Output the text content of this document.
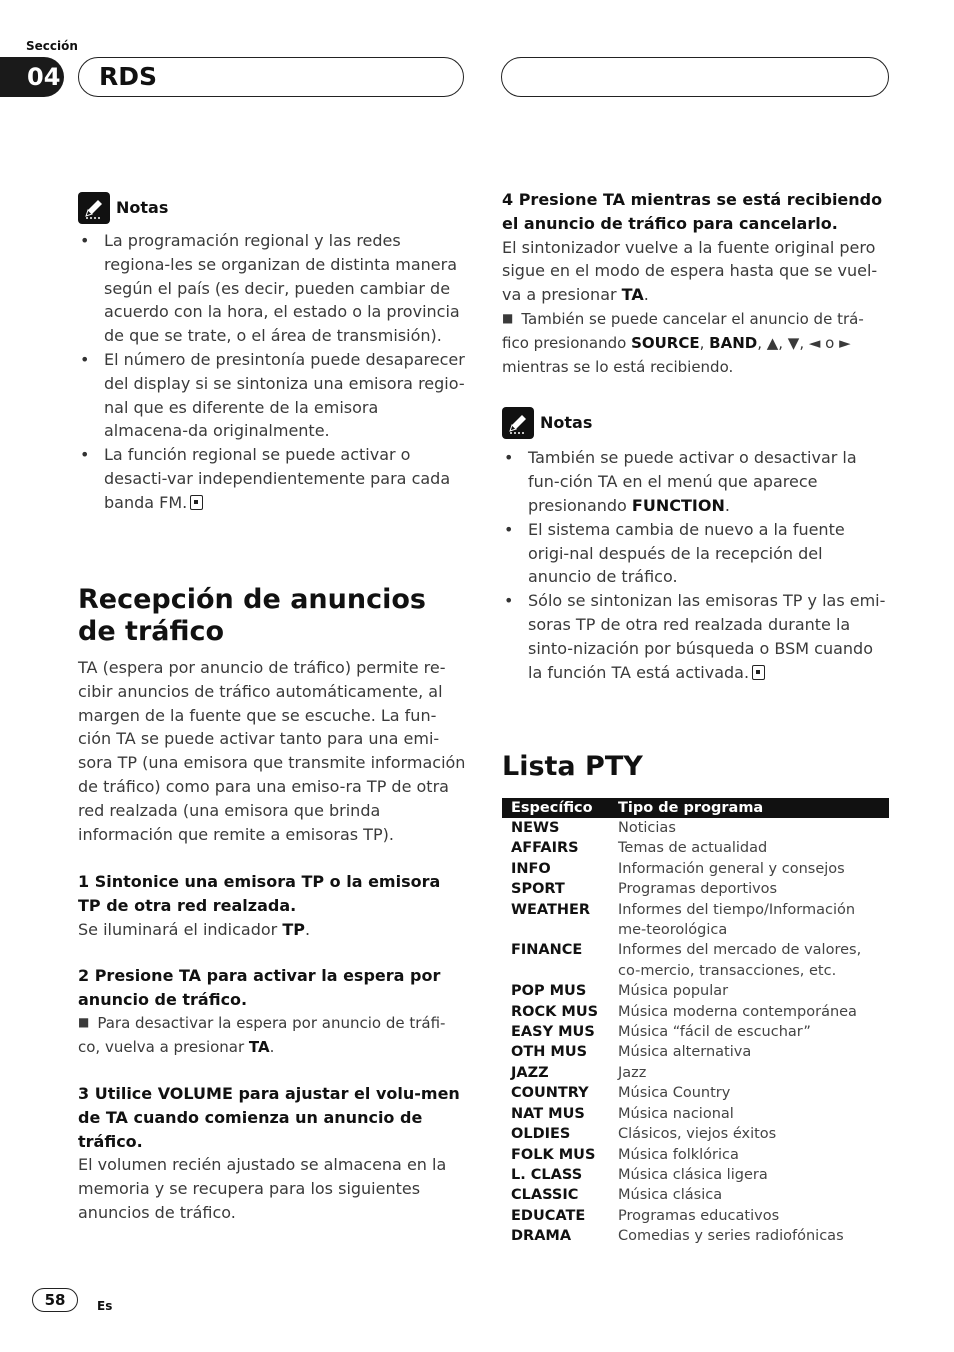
Sección
04 RDS
Notas
• La programación regional y las redes regiona-les se organizan de distinta manera según el país (es decir, pueden cambiar de acuerdo con la hora, el estado o la provincia de que se trate, o el área de transmisión).
• El número de presintonía puede desaparecer del display si se sintoniza una emisora regio-nal que es diferente de la emisora almacena-da originalmente.
• La función regional se puede activar o desacti-var independientemente para cada banda FM.
Recepción de anuncios de tráfico

TA (espera por anuncio de tráfico) permite re-cibir anuncios de tráfico automáticamente, al margen de la fuente que se escuche. La fun-ción TA se puede activar tanto para una emi-sora TP (una emisora que transmite información de tráfico) como para una emiso-ra TP de otra red realzada (una emisora que brinda información que remite a emisoras TP).

1 Sintonice una emisora TP o la emisora TP de otra red realzada.

Se iluminará el indicador TP.

2 Presione TA para activar la espera por anuncio de tráfico.

■ Para desactivar la espera por anuncio de tráfi-co, vuelva a presionar TA.

3 Utilice VOLUME para ajustar el volu-men de TA cuando comienza un anuncio de tráfico.

El volumen recién ajustado se almacena en la memoria y se recupera para los siguientes anuncios de tráfico.

4 Presione TA mientras se está recibiendo el anuncio de tráfico para cancelarlo.

El sintonizador vuelve a la fuente original pero sigue en el modo de espera hasta que se vuel-va a presionar TA.

■ También se puede cancelar el anuncio de trá-fico presionando SOURCE, BAND, ▲, ▼, ◄ o ► mientras se lo está recibiendo.

Notas
• También se puede activar o desactivar la fun-ción TA en el menú que aparece presionando FUNCTION.
• El sistema cambia de nuevo a la fuente origi-nal después de la recepción del anuncio de tráfico.
• Sólo se sintonizan las emisoras TP y las emi-soras TP de otra red realzada durante la sinto-nización por búsqueda o BSM cuando la función TA está activada.
Lista PTY
Específico	Tipo de programa
NEWS	Noticias
AFFAIRS	Temas de actualidad
INFO	Información general y consejos
SPORT	Programas deportivos
WEATHER	Informes del tiempo/Información me-teorológica
FINANCE	Informes del mercado de valores, co-mercio, transacciones, etc.
POP MUS	Música popular
ROCK MUS	Música moderna contemporánea
EASY MUS	Música “fácil de escuchar”
OTH MUS	Música alternativa
JAZZ	Jazz
COUNTRY	Música Country
NAT MUS	Música nacional
OLDIES	Clásicos, viejos éxitos
FOLK MUS	Música folklórica
L. CLASS	Música clásica ligera
CLASSIC	Música clásica
EDUCATE	Programas educativos
DRAMA	Comedias y series radiofónicas
58	Es
